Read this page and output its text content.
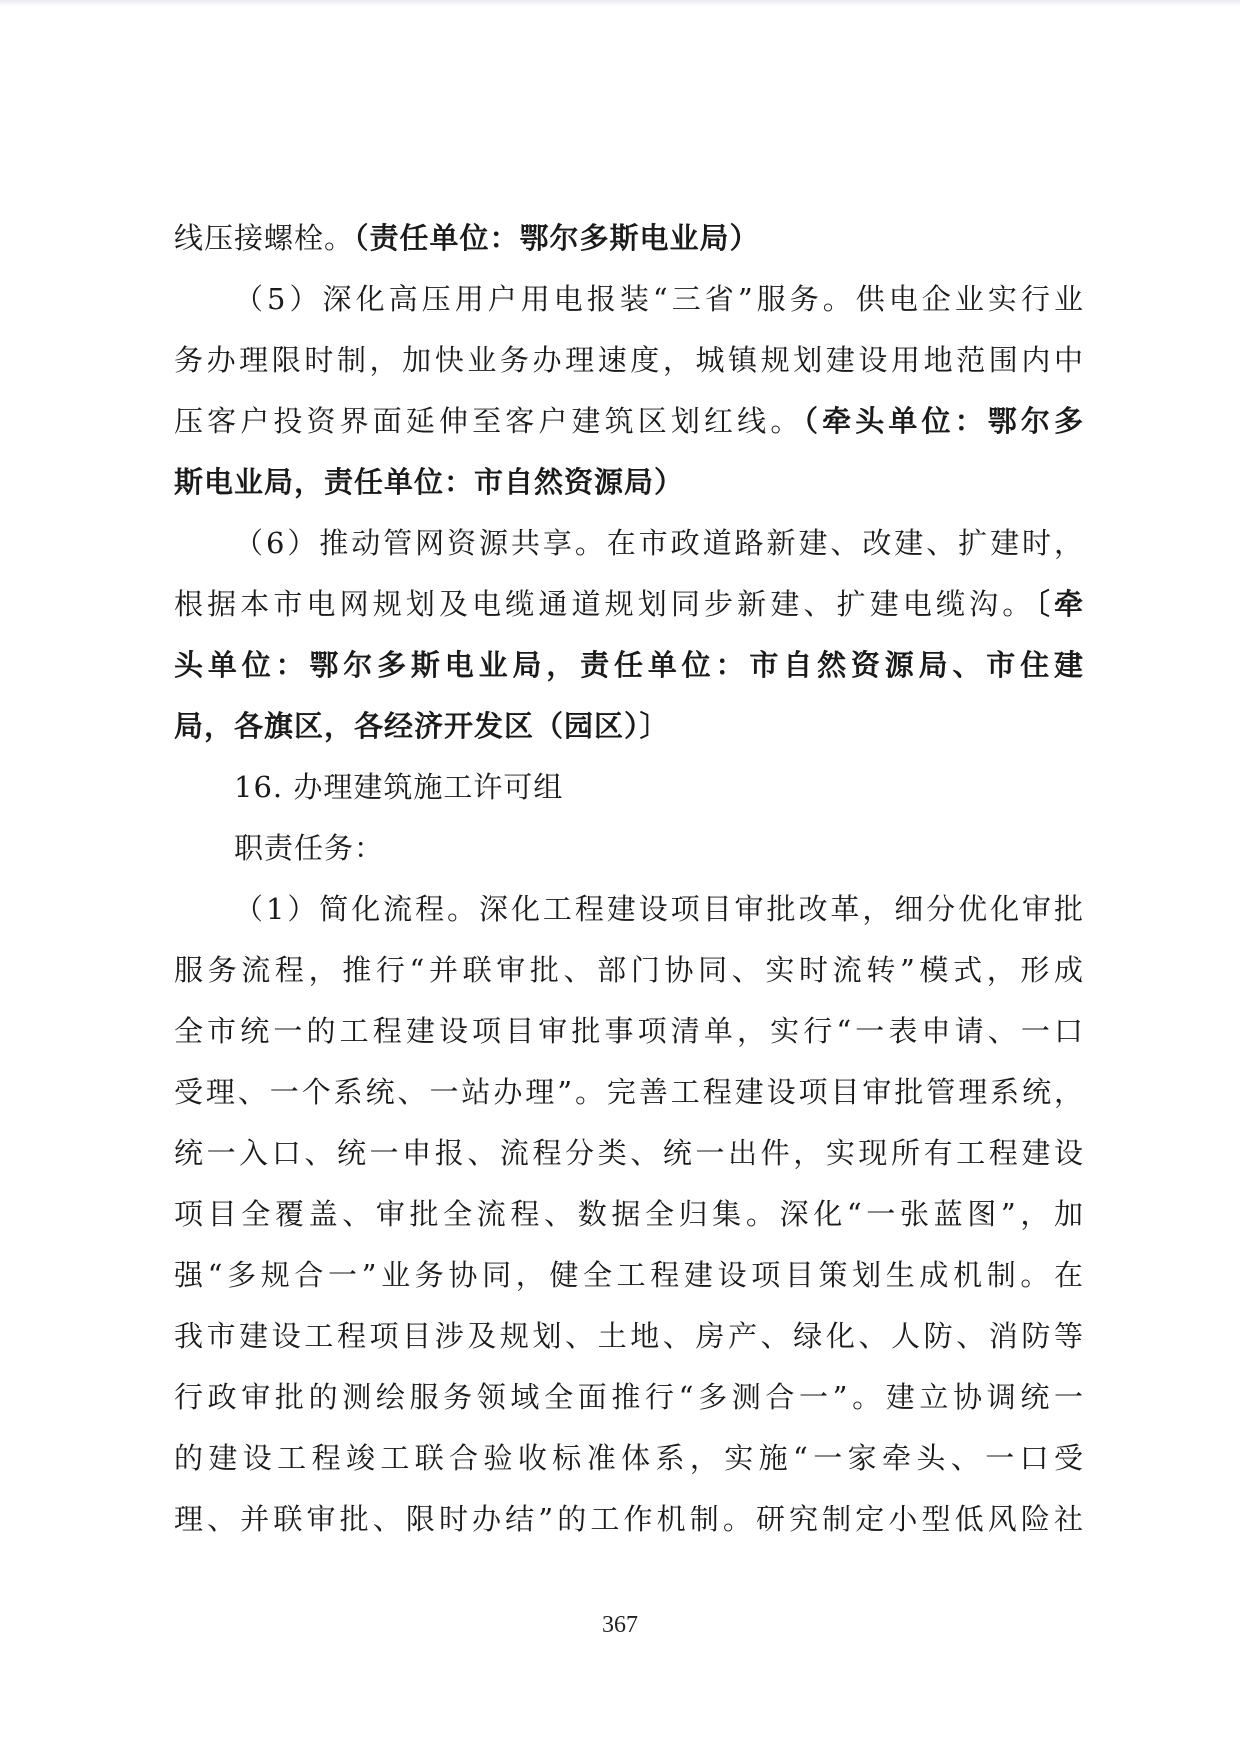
线压接螺栓。（责任单位：鄂尔多斯电业局）
（5）深化高压用户用电报装“三省”服务。供电企业实行业
务办理限时制，加快业务办理速度，城镇规划建设用地范围内中
压客户投资界面延伸至客户建筑区划红线。（牵头单位：鄂尔多
斯电业局，责任单位：市自然资源局）
（6）推动管网资源共享。在市政道路新建、改建、扩建时，
根据本市电网规划及电缆通道规划同步新建、扩建电缆沟。〔牵
头单位：鄂尔多斯电业局，责任单位：市自然资源局、市住建
局，各旗区，各经济开发区（园区）〕
16. 办理建筑施工许可组
职责任务：
（1）简化流程。深化工程建设项目审批改革，细分优化审批
服务流程，推行“并联审批、部门协同、实时流转”模式，形成
全市统一的工程建设项目审批事项清单，实行“一表申请、一口
受理、一个系统、一站办理”。完善工程建设项目审批管理系统，
统一入口、统一申报、流程分类、统一出件，实现所有工程建设
项目全覆盖、审批全流程、数据全归集。深化“一张蓝图”，加
强“多规合一”业务协同，健全工程建设项目策划生成机制。在
我市建设工程项目涉及规划、土地、房产、绿化、人防、消防等
行政审批的测绘服务领域全面推行“多测合一”。建立协调统一
的建设工程竣工联合验收标准体系，实施“一家牵头、一口受
理、并联审批、限时办结”的工作机制。研究制定小型低风险社
367
